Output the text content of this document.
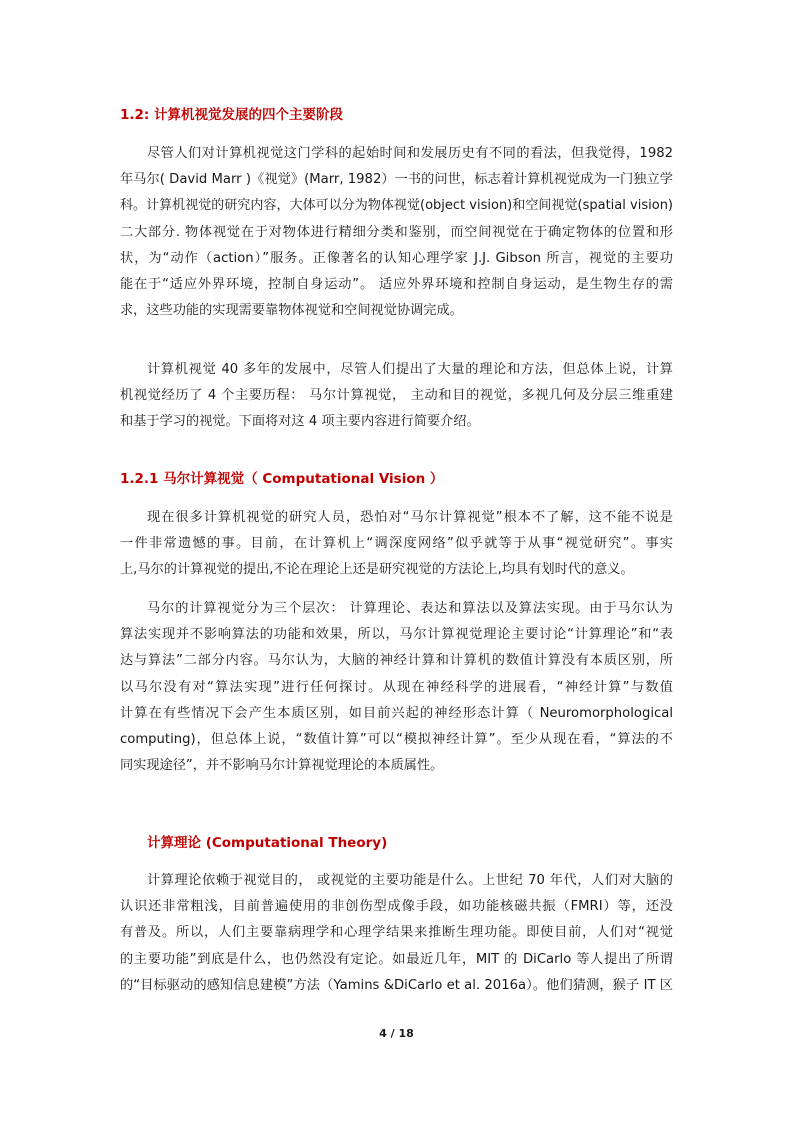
1.2: 计算机视觉发展的四个主要阶段
尽管人们对计算机视觉这门学科的起始时间和发展历史有不同的看法，但我觉得，1982
年马尔( David Marr )《视觉》(Marr, 1982）一书的问世，标志着计算机视觉成为一门独立学
科。计算机视觉的研究内容，大体可以分为物体视觉(object vision)和空间视觉(spatial vision)
二大部分. 物体视觉在于对物体进行精细分类和鉴别，而空间视觉在于确定物体的位置和形
状，为“动作（action）”服务。正像著名的认知心理学家 J.J. Gibson 所言，视觉的主要功
能在于“适应外界环境，控制自身运动”。 适应外界环境和控制自身运动，是生物生存的需
求，这些功能的实现需要靠物体视觉和空间视觉协调完成。
计算机视觉 40 多年的发展中，尽管人们提出了大量的理论和方法，但总体上说，计算
机视觉经历了 4 个主要历程： 马尔计算视觉， 主动和目的视觉，多视几何及分层三维重建
和基于学习的视觉。下面将对这 4 项主要内容进行简要介绍。
1.2.1 马尔计算视觉（ Computational Vision ）
现在很多计算机视觉的研究人员，恐怕对“马尔计算视觉”根本不了解，这不能不说是
一件非常遗憾的事。目前，在计算机上“调深度网络”似乎就等于从事“视觉研究”。事实
上,马尔的计算视觉的提出,不论在理论上还是研究视觉的方法论上,均具有划时代的意义。
马尔的计算视觉分为三个层次： 计算理论、表达和算法以及算法实现。由于马尔认为
算法实现并不影响算法的功能和效果，所以，马尔计算视觉理论主要讨论“计算理论”和“表
达与算法”二部分内容。马尔认为，大脑的神经计算和计算机的数值计算没有本质区别，所
以马尔没有对“算法实现”进行任何探讨。从现在神经科学的进展看，“神经计算”与数值
计算在有些情况下会产生本质区别，如目前兴起的神经形态计算（ Neuromorphological
computing)，但总体上说，“数值计算”可以“模拟神经计算”。至少从现在看，“算法的不
同实现途径”，并不影响马尔计算视觉理论的本质属性。
计算理论 (Computational Theory)
计算理论依赖于视觉目的， 或视觉的主要功能是什么。上世纪 70 年代，人们对大脑的
认识还非常粗浅，目前普遍使用的非创伤型成像手段，如功能核磁共振（FMRI）等，还没
有普及。所以，人们主要靠病理学和心理学结果来推断生理功能。即使目前，人们对“视觉
的主要功能”到底是什么，也仍然没有定论。如最近几年，MIT 的 DiCarlo 等人提出了所谓
的“目标驱动的感知信息建模”方法（Yamins &DiCarlo et al. 2016a）。他们猜测，猴子 IT 区
4 / 18
